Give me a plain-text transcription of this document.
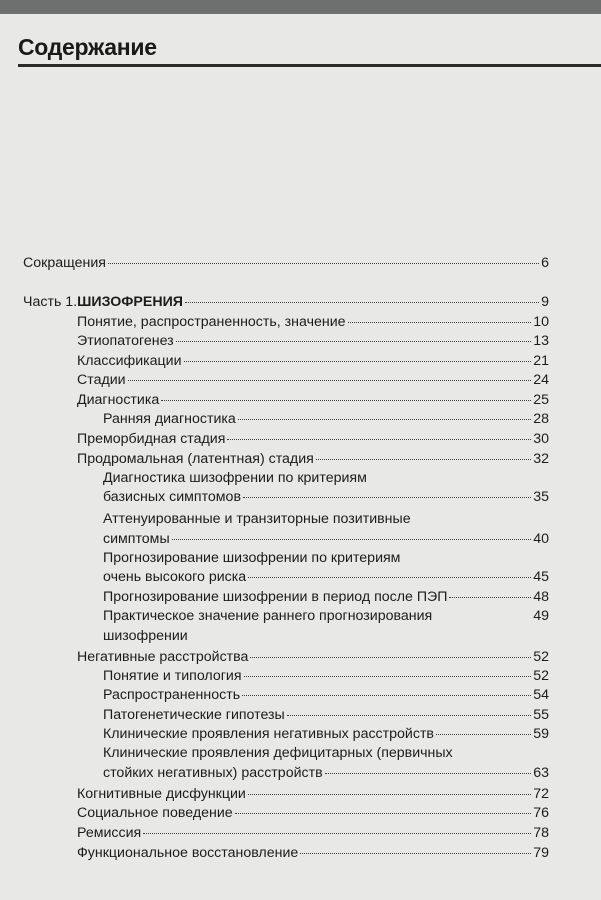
Содержание
Сокращения	6
Часть 1.ШИЗОФРЕНИЯ	9
Понятие, распространенность, значение	10
Этиопатогенез	13
Классификации	21
Стадии	24
Диагностика	25
Ранняя диагностика	28
Преморбидная стадия	30
Продромальная (латентная) стадия	32
Диагностика шизофрении по критериям
базисных симптомов	35
Аттенуированные и транзиторные позитивные
симптомы	40
Прогнозирование шизофрении по критериям
очень высокого риска	45
Прогнозирование шизофрении в период после ПЭП	48
Практическое значение раннего прогнозирования	49
шизофрении
Негативные расстройства	52
Понятие и типология	52
Распространенность	54
Патогенетические гипотезы	55
Клинические проявления негативных расстройств	59
Клинические проявления дефицитарных (первичных
стойких негативных) расстройств	63
Когнитивные дисфункции	72
Социальное поведение	76
Ремиссия	78
Функциональное восстановление	79
